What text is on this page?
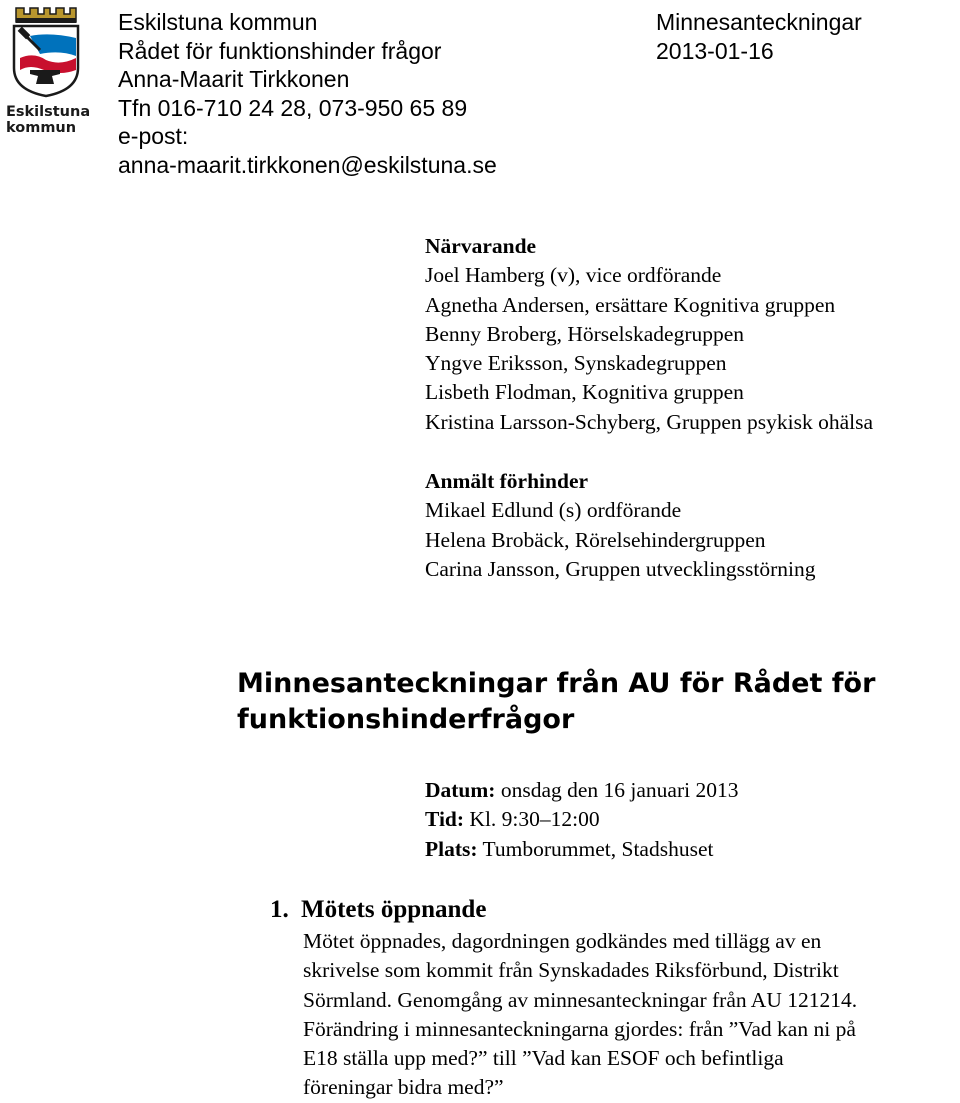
Eskilstuna
kommun
Eskilstuna kommun
Rådet för funktionshinder frågor
Anna-Maarit Tirkkonen
Tfn 016-710 24 28, 073-950 65 89
e-post:
anna-maarit.tirkkonen@eskilstuna.se
Minnesanteckningar
2013-01-16
Närvarande
Joel Hamberg (v), vice ordförande
Agnetha Andersen, ersättare Kognitiva gruppen
Benny Broberg, Hörselskadegruppen
Yngve Eriksson, Synskadegruppen
Lisbeth Flodman, Kognitiva gruppen
Kristina Larsson-Schyberg, Gruppen psykisk ohälsa
Anmält förhinder
Mikael Edlund (s) ordförande
Helena Brobäck, Rörelsehindergruppen
Carina Jansson, Gruppen utvecklingsstörning
Minnesanteckningar från AU för Rådet för
funktionshinderfrågor
Datum: onsdag den 16 januari 2013
Tid: Kl. 9:30–12:00
Plats: Tumborummet, Stadshuset
1. Mötets öppnande
Mötet öppnades, dagordningen godkändes med tillägg av en
skrivelse som kommit från Synskadades Riksförbund, Distrikt
Sörmland. Genomgång av minnesanteckningar från AU 121214.
Förändring i minnesanteckningarna gjordes: från ”Vad kan ni på
E18 ställa upp med?” till ”Vad kan ESOF och befintliga
föreningar bidra med?”
